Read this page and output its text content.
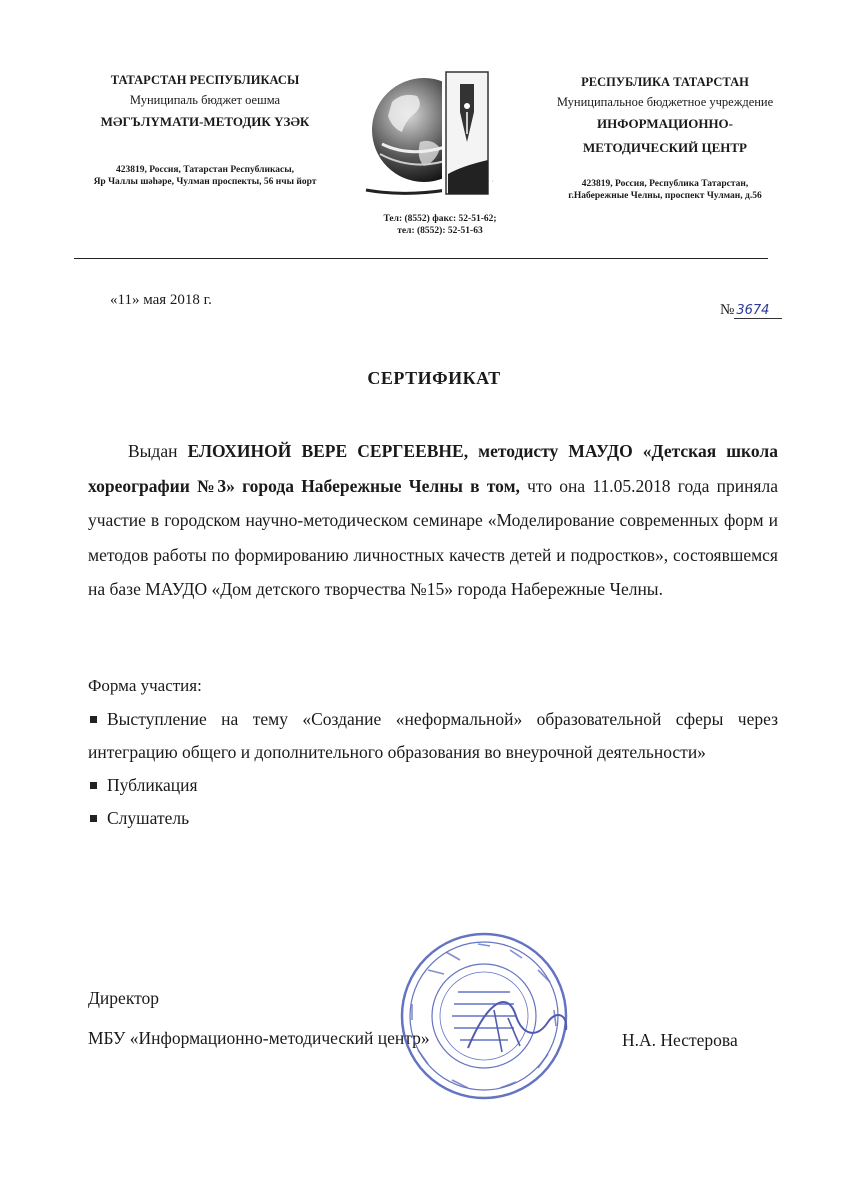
ТАТАРСТАН РЕСПУБЛИКАСЫ
Муниципаль бюджет оешма
МӘГЪЛҮМАТИ-МЕТОДИК ҮЗӘК
423819, Россия, Татарстан Республикасы,
Яр Чаллы шәһәре, Чулман проспекты, 56 нчы йорт
Тел: (8552) факс: 52-51-62;
тел: (8552): 52-51-63
РЕСПУБЛИКА ТАТАРСТАН
Муниципальное бюджетное учреждение
ИНФОРМАЦИОННО-
МЕТОДИЧЕСКИЙ ЦЕНТР
423819, Россия, Республика Татарстан,
г.Набережные Челны, проспект Чулман, д.56
«11» мая 2018 г.
№ 3674
СЕРТИФИКАТ
Выдан ЕЛОХИНОЙ ВЕРЕ СЕРГЕЕВНЕ, методисту МАУДО «Детская школа хореографии №3» города Набережные Челны в том, что она 11.05.2018 года приняла участие в городском научно-методическом семинаре «Моделирование современных форм и методов работы по формированию личностных качеств детей и подростков», состоявшемся на базе МАУДО «Дом детского творчества №15» города Набережные Челны.
Форма участия:
Выступление на тему «Создание «неформальной» образовательной сферы через интеграцию общего и дополнительного образования во внеурочной деятельности»
Публикация
Слушатель
Директор
МБУ «Информационно-методический центр»	Н.А. Нестерова
